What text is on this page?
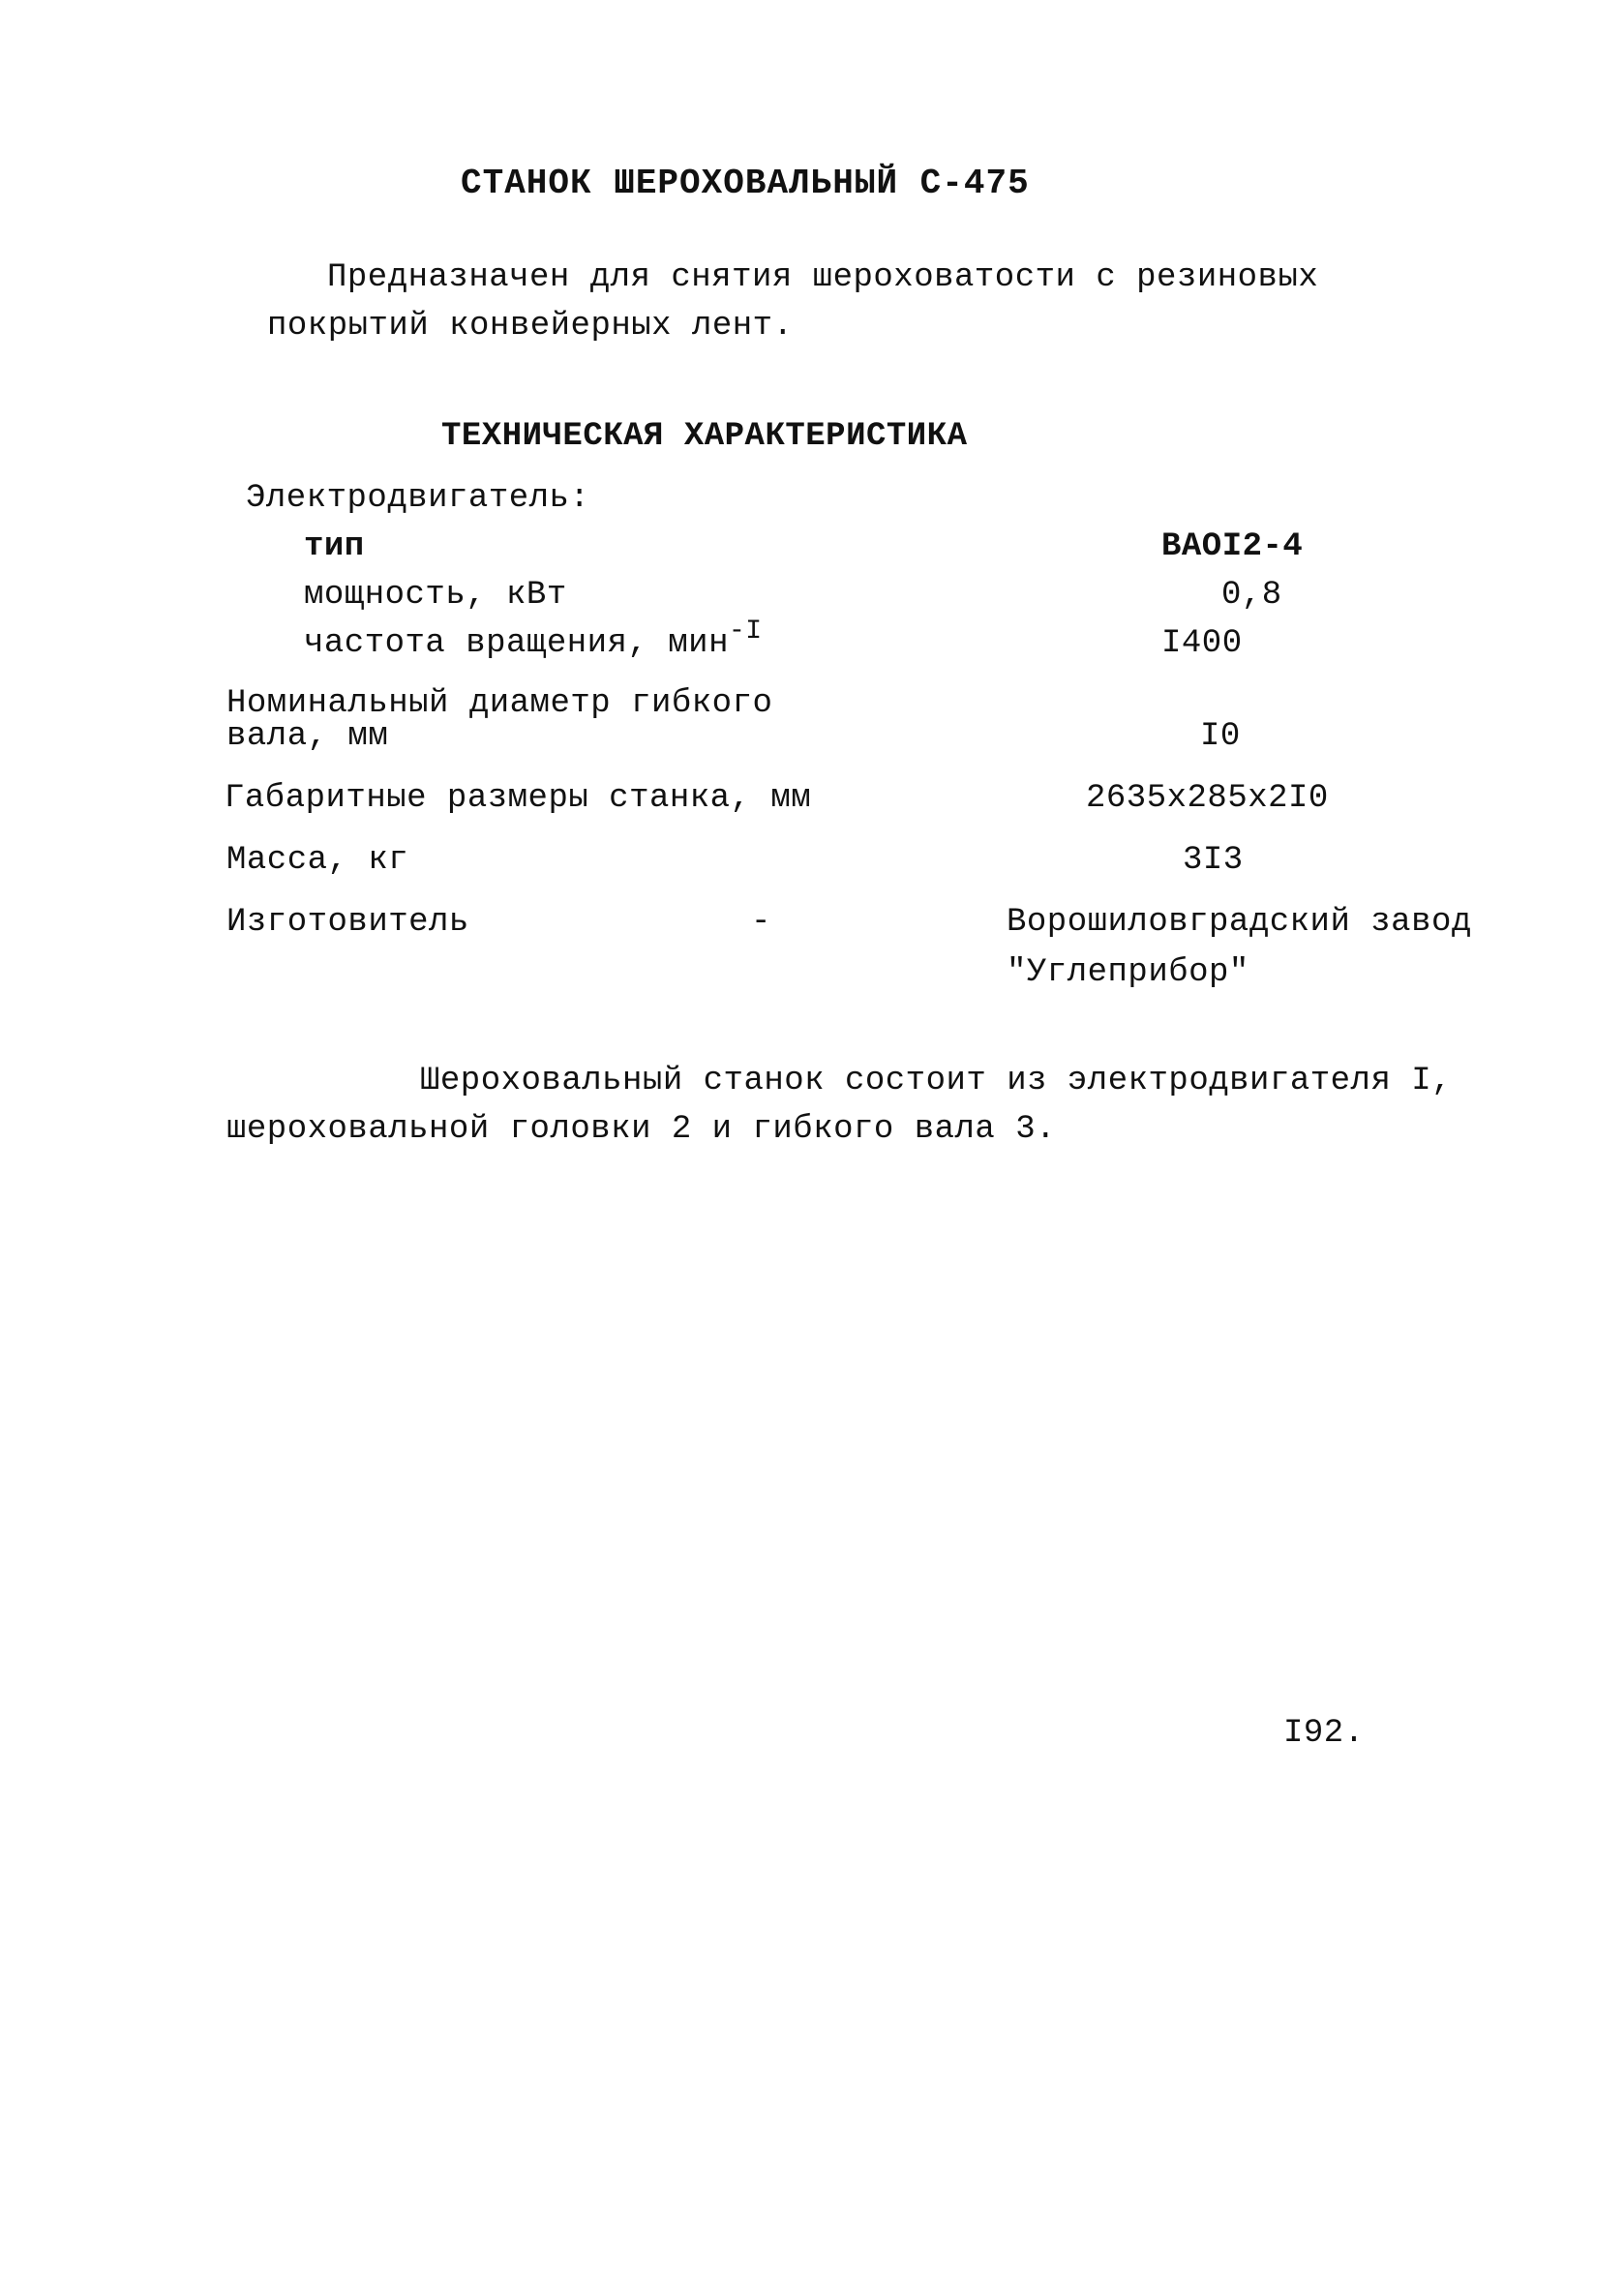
СТАНОК ШЕРОХОВАЛЬНЫЙ С-475
Предназначен для снятия шероховатости с резиновых
покрытий конвейерных лент.
ТЕХНИЧЕСКАЯ ХАРАКТЕРИСТИКА
Электродвигатель:
тип	ВАОI2-4
мощность, кВт	0,8
частота вращения, мин$^{-I}$	I400
Номинальный диаметр гибкого
вала, мм	I0
Габаритные размеры станка, мм	2635х285х2I0
Масса, кг	3I3
Изготовитель	-	Ворошиловградский завод
"Углеприбор"
Шероховальный станок состоит из электродвигателя I,
шероховальной головки 2 и гибкого вала 3.
I92.
